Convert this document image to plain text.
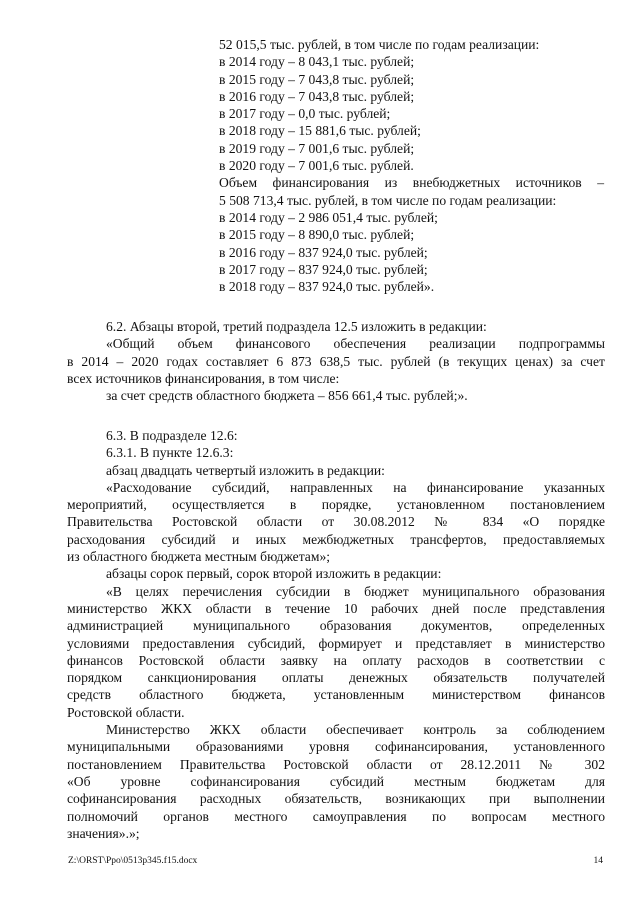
52 015,5 тыс. рублей, в том числе по годам реализации:
в 2014 году – 8 043,1 тыс. рублей;
в 2015 году – 7 043,8 тыс. рублей;
в 2016 году – 7 043,8 тыс. рублей;
в 2017 году – 0,0 тыс. рублей;
в 2018 году – 15 881,6 тыс. рублей;
в 2019 году – 7 001,6 тыс. рублей;
в 2020 году – 7 001,6 тыс. рублей.
Объем финансирования из внебюджетных источников –
5 508 713,4 тыс. рублей, в том числе по годам реализации:
в 2014 году – 2 986 051,4 тыс. рублей;
в 2015 году – 8 890,0 тыс. рублей;
в 2016 году – 837 924,0 тыс. рублей;
в 2017 году – 837 924,0 тыс. рублей;
в 2018 году – 837 924,0 тыс. рублей».
6.2. Абзацы второй, третий подраздела 12.5 изложить в редакции:
«Общий объем финансового обеспечения реализации подпрограммы
в 2014 – 2020 годах составляет 6 873 638,5 тыс. рублей (в текущих ценах) за счет
всех источников финансирования, в том числе:
за счет средств областного бюджета – 856 661,4 тыс. рублей;».
6.3. В подразделе 12.6:
6.3.1. В пункте 12.6.3:
абзац двадцать четвертый изложить в редакции:
«Расходование субсидий, направленных на финансирование указанных
мероприятий, осуществляется в порядке, установленном постановлением
Правительства Ростовской области от 30.08.2012 № 834 «О порядке
расходования субсидий и иных межбюджетных трансфертов, предоставляемых
из областного бюджета местным бюджетам»;
абзацы сорок первый, сорок второй изложить в редакции:
«В целях перечисления субсидии в бюджет муниципального образования
министерство ЖКХ области в течение 10 рабочих дней после представления
администрацией муниципального образования документов, определенных
условиями предоставления субсидий, формирует и представляет в министерство
финансов Ростовской области заявку на оплату расходов в соответствии с
порядком санкционирования оплаты денежных обязательств получателей
средств областного бюджета, установленным министерством финансов
Ростовской области.
Министерство ЖКХ области обеспечивает контроль за соблюдением
муниципальными образованиями уровня софинансирования, установленного
постановлением Правительства Ростовской области от 28.12.2011 № 302
«Об уровне софинансирования субсидий местным бюджетам для
софинансирования расходных обязательств, возникающих при выполнении
полномочий органов местного самоуправления по вопросам местного
значения».»;
Z:\ORST\Ppo\0513p345.f15.docx	14
